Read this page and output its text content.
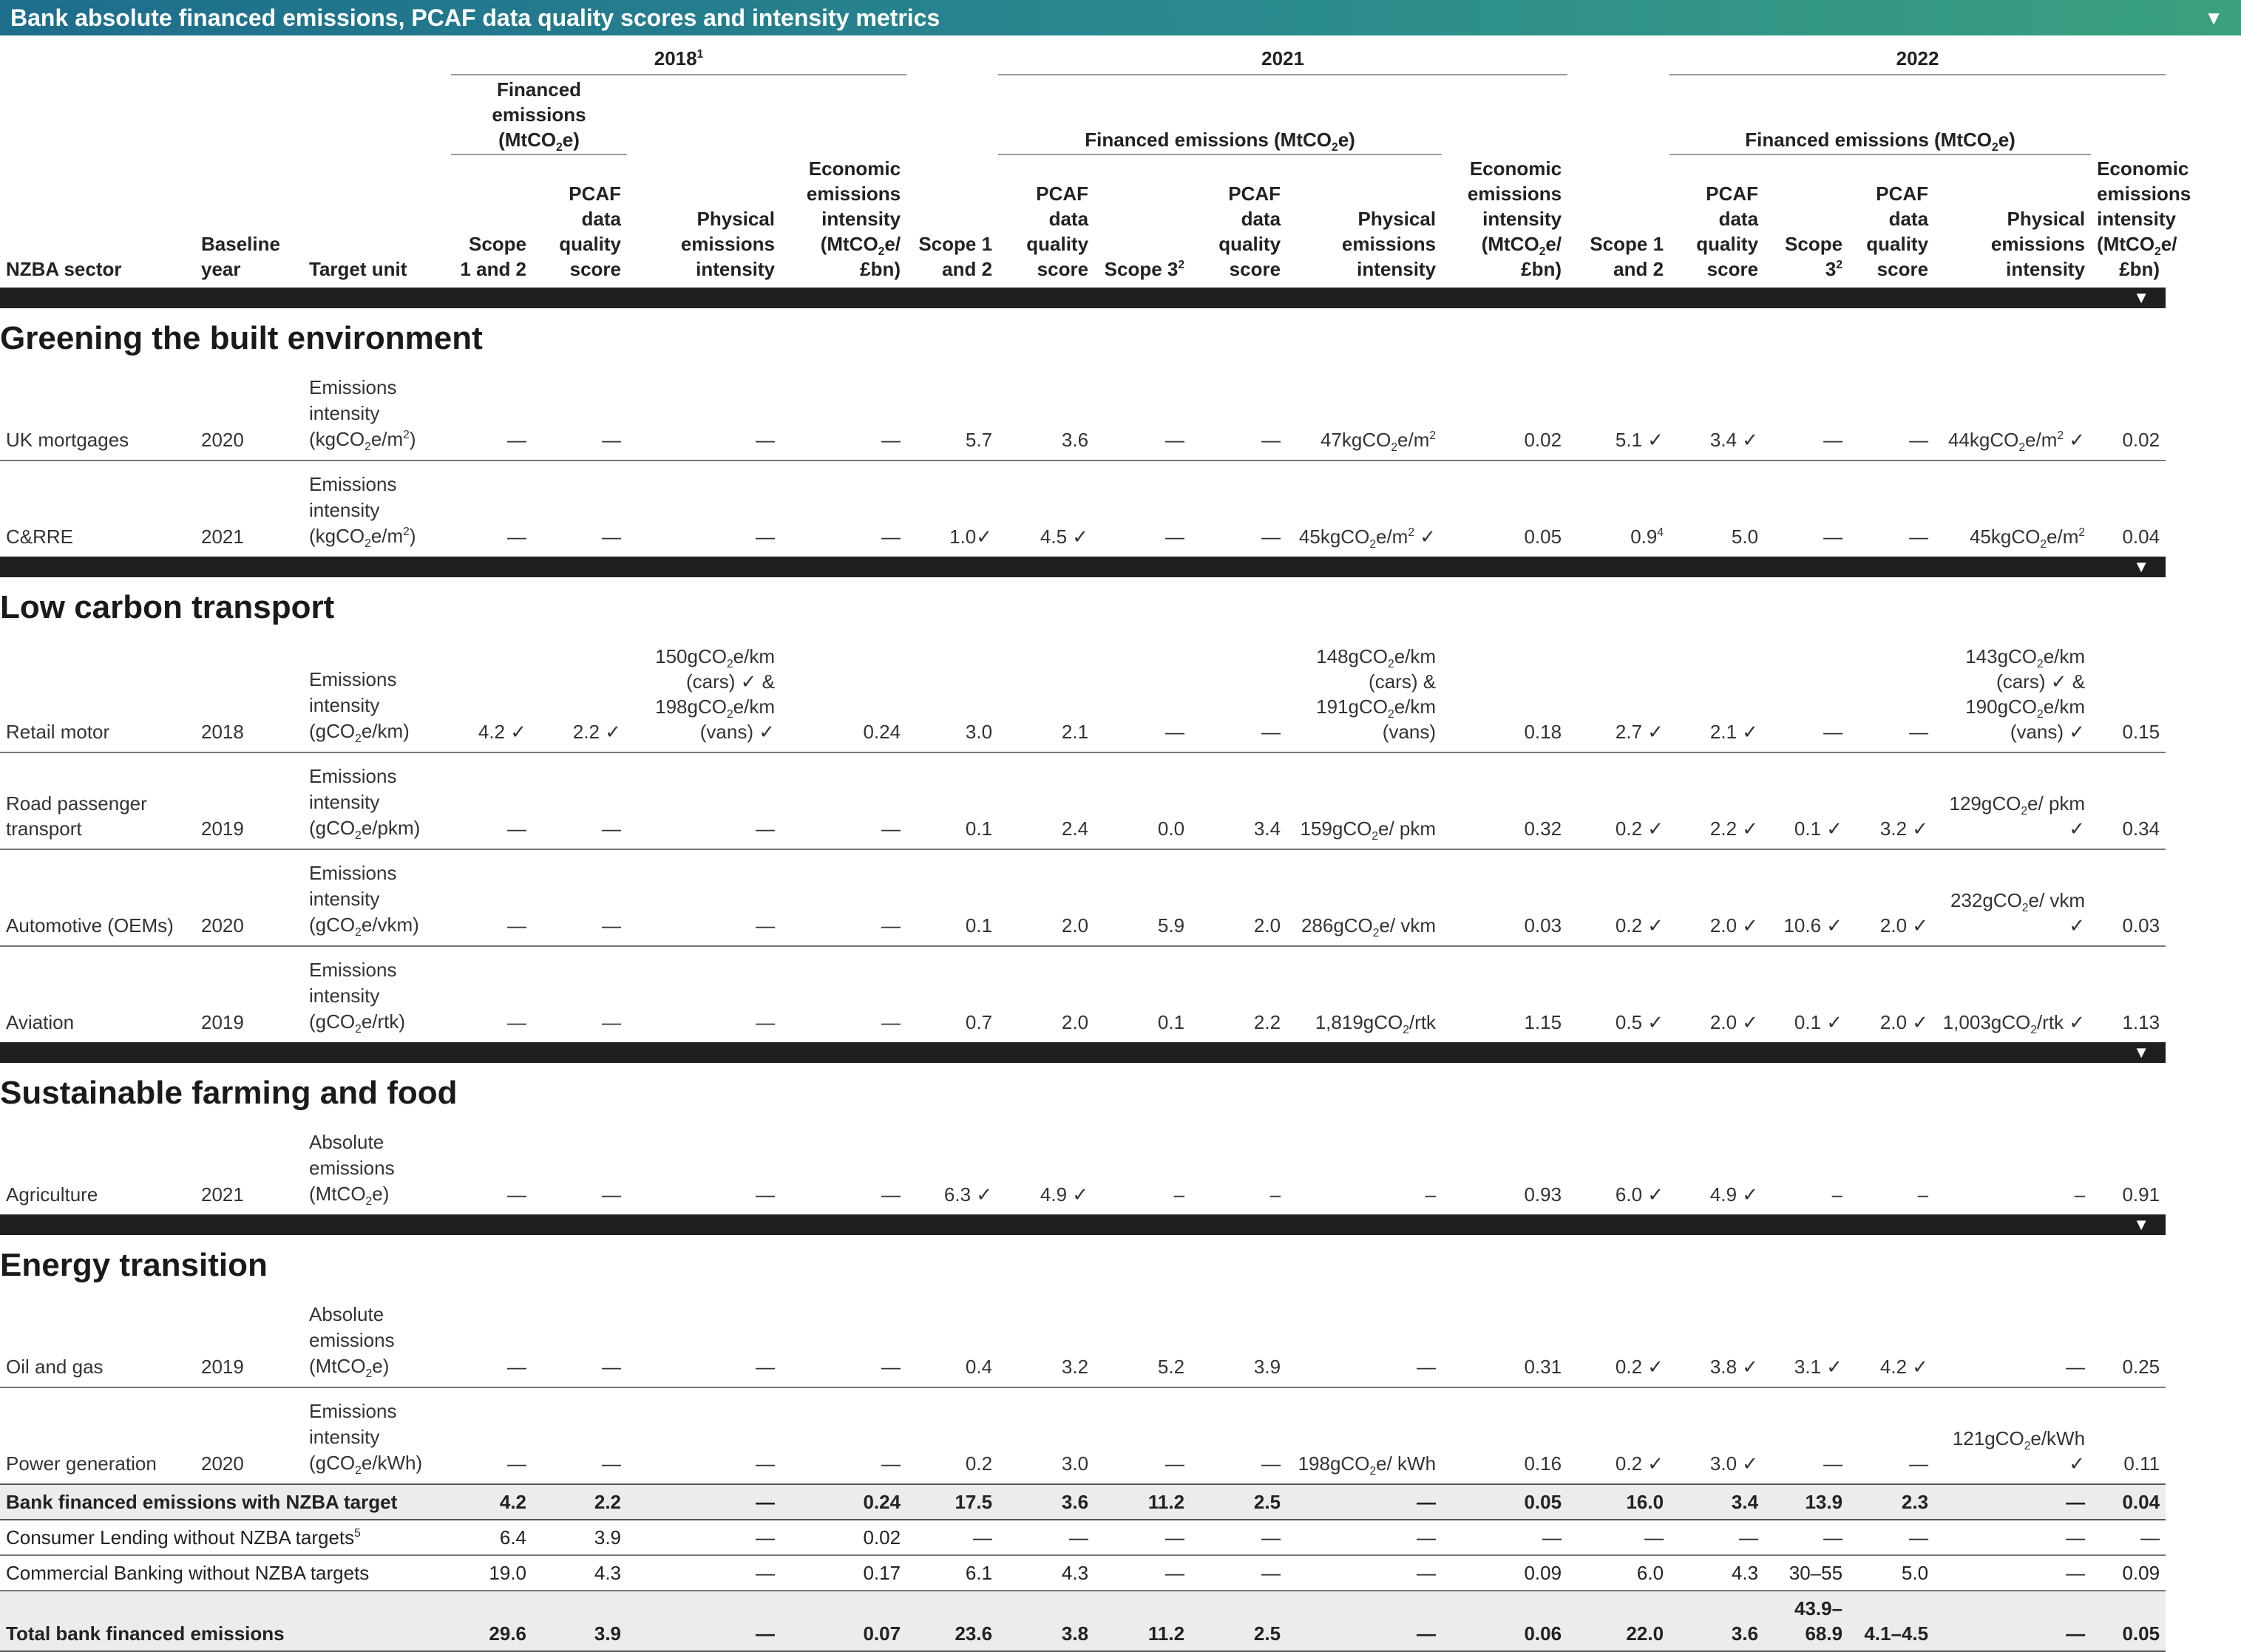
Bank absolute financed emissions, PCAF data quality scores and intensity metrics	▼
			2018$^1$					2021						2022					
			Financed emissions (MtCO$_2$e)					Financed emissions (MtCO$_2$e)						Financed emissions (MtCO$_2$e)					
NZBA sector	Baseline year	Target unit	Scope 1 and 2	PCAF data quality score	Physical emissions intensity	Economic emissions intensity (MtCO$_2$e/ £bn)	Scope 1 and 2	PCAF data quality score	Scope $3^2$	PCAF data quality score	Physical emissions intensity	Economic emissions intensity (MtCO$_2$e/ £bn)	Scope 1 and 2	PCAF data quality score	Scope $3^2$	PCAF data quality score	Physical emissions intensity	Economic emissions intensity (MtCO$_2$e/ £bn)	
▼																			
Greening the built environment																			
UK mortgages	2020	Emissions intensity $(kgCO_2e/m^2)$	—	—	—	—	5.7	3.6	—	—	$47kgCO_2e/m^2$	0.02	5.1 ✓	3.4 ✓	—	—	$44kgCO_2e/m^2$ ✓	0.02	
C&RRE	2021	Emissions intensity $(kgCO_2e/m^2)$	—	—	—	—	1.0✓	4.5 ✓	—	—	$45kgCO_2e/m^2$ ✓	0.05	$0.9^4$	5.0	—	—	$45kgCO_2e/m^2$	0.04	
▼																			
Low carbon transport																			
Retail motor	2018	Emissions intensity (gCO$_2$e/km)	4.2 ✓	2.2 ✓	150gCO$_2$e/km (cars) ✓ & 198gCO$_2$e/km (vans) ✓	0.24	3.0	2.1	—	—	148gCO$_2$e/km (cars) & 191gCO$_2$e/km (vans)	0.18	2.7 ✓	2.1 ✓	—	—	143gCO$_2$e/km (cars) ✓ & 190gCO$_2$e/km (vans) ✓	0.15	
Road passenger transport	2019	Emissions intensity (gCO$_2$e/pkm)	—	—	—	—	0.1	2.4	0.0	3.4	159gCO$_2$e/ pkm	0.32	0.2 ✓	2.2 ✓	0.1 ✓	3.2 ✓	129gCO$_2$e/ pkm ✓	0.34	
Automotive (OEMs)	2020	Emissions intensity (gCO$_2$e/vkm)	—	—	—	—	0.1	2.0	5.9	2.0	286gCO$_2$e/ vkm	0.03	0.2 ✓	2.0 ✓	10.6 ✓	2.0 ✓	232gCO$_2$e/ vkm ✓	0.03	
Aviation	2019	Emissions intensity (gCO$_2$e/rtk)	—	—	—	—	0.7	2.0	0.1	2.2	1,819gCO$_2$/rtk	1.15	0.5 ✓	2.0 ✓	0.1 ✓	2.0 ✓	1,003gCO$_2$/rtk ✓	1.13	
▼																			
Sustainable farming and food																			
Agriculture	2021	Absolute emissions (MtCO$_2$e)	—	—	—	—	6.3 ✓	4.9 ✓	–	–	–	0.93	6.0 ✓	4.9 ✓	–	–	–	0.91	
▼																			
Energy transition																			
Oil and gas	2019	Absolute emissions (MtCO$_2$e)	—	—	—	—	0.4	3.2	5.2	3.9	—	0.31	0.2 ✓	3.8 ✓	3.1 ✓	4.2 ✓	—	0.25	
Power generation	2020	Emissions intensity (gCO$_2$e/kWh)	—	—	—	—	0.2	3.0	—	—	198gCO$_2$e/ kWh	0.16	0.2 ✓	3.0 ✓	—	—	121gCO$_2$e/kWh ✓	0.11	
Bank financed emissions with NZBA target			4.2	2.2	—	0.24	17.5	3.6	11.2	2.5	—	0.05	16.0	3.4	13.9	2.3	—	0.04	
Consumer Lending without NZBA targets$^5$			6.4	3.9	—	0.02	—	—	—	—	—	—	—	—	—	—	—	—	
Commercial Banking without NZBA targets			19.0	4.3	—	0.17	6.1	4.3	—	—	—	0.09	6.0	4.3	30–55	5.0	—	0.09	
Total bank financed emissions			29.6	3.9	—	0.07	23.6	3.8	11.2	2.5	—	0.06	22.0	3.6	43.9–68.9	4.1–4.5	—	0.05	
